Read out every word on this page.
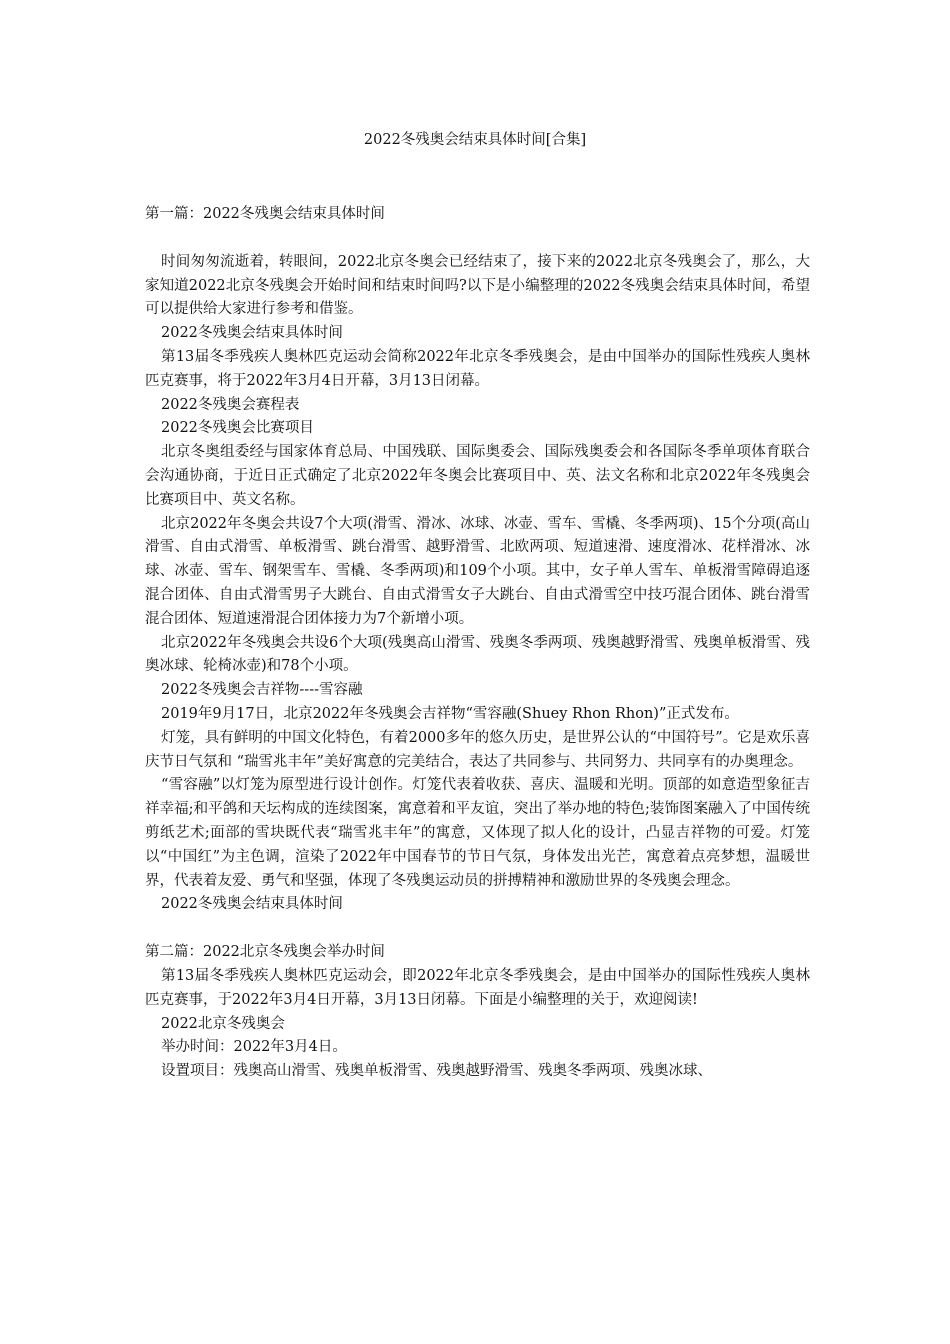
2022冬残奥会结束具体时间[合集]

第一篇：2022冬残奥会结束具体时间

时间匆匆流逝着，转眼间，2022北京冬奥会已经结束了，接下来的2022北京冬残奥会了，那么，大家知道2022北京冬残奥会开始时间和结束时间吗?以下是小编整理的2022冬残奥会结束具体时间，希望可以提供给大家进行参考和借鉴。

2022冬残奥会结束具体时间

第13届冬季残疾人奥林匹克运动会简称2022年北京冬季残奥会，是由中国举办的国际性残疾人奥林匹克赛事，将于2022年3月4日开幕，3月13日闭幕。

2022冬残奥会赛程表

2022冬残奥会比赛项目

北京冬奥组委经与国家体育总局、中国残联、国际奥委会、国际残奥委会和各国际冬季单项体育联合会沟通协商，于近日正式确定了北京2022年冬奥会比赛项目中、英、法文名称和北京2022年冬残奥会比赛项目中、英文名称。

北京2022年冬奥会共设7个大项(滑雪、滑冰、冰球、冰壶、雪车、雪橇、冬季两项)、15个分项(高山滑雪、自由式滑雪、单板滑雪、跳台滑雪、越野滑雪、北欧两项、短道速滑、速度滑冰、花样滑冰、冰球、冰壶、雪车、钢架雪车、雪橇、冬季两项)和109个小项。其中，女子单人雪车、单板滑雪障碍追逐混合团体、自由式滑雪男子大跳台、自由式滑雪女子大跳台、自由式滑雪空中技巧混合团体、跳台滑雪混合团体、短道速滑混合团体接力为7个新增小项。

北京2022年冬残奥会共设6个大项(残奥高山滑雪、残奥冬季两项、残奥越野滑雪、残奥单板滑雪、残奥冰球、轮椅冰壶)和78个小项。

2022冬残奥会吉祥物----雪容融

2019年9月17日，北京2022年冬残奥会吉祥物“雪容融(Shuey Rhon Rhon)”正式发布。

灯笼，具有鲜明的中国文化特色，有着2000多年的悠久历史，是世界公认的“中国符号”。它是欢乐喜庆节日气氛和 “瑞雪兆丰年”美好寓意的完美结合，表达了共同参与、共同努力、共同享有的办奥理念。

“雪容融”以灯笼为原型进行设计创作。灯笼代表着收获、喜庆、温暖和光明。顶部的如意造型象征吉祥幸福;和平鸽和天坛构成的连续图案，寓意着和平友谊，突出了举办地的特色;装饰图案融入了中国传统剪纸艺术;面部的雪块既代表“瑞雪兆丰年”的寓意，又体现了拟人化的设计，凸显吉祥物的可爱。灯笼以“中国红”为主色调，渲染了2022年中国春节的节日气氛，身体发出光芒，寓意着点亮梦想，温暖世界，代表着友爱、勇气和坚强，体现了冬残奥运动员的拼搏精神和激励世界的冬残奥会理念。

2022冬残奥会结束具体时间

第二篇：2022北京冬残奥会举办时间

第13届冬季残疾人奥林匹克运动会，即2022年北京冬季残奥会，是由中国举办的国际性残疾人奥林匹克赛事，于2022年3月4日开幕，3月13日闭幕。下面是小编整理的关于，欢迎阅读!

2022北京冬残奥会

举办时间：2022年3月4日。

设置项目：残奥高山滑雪、残奥单板滑雪、残奥越野滑雪、残奥冬季两项、残奥冰球、
